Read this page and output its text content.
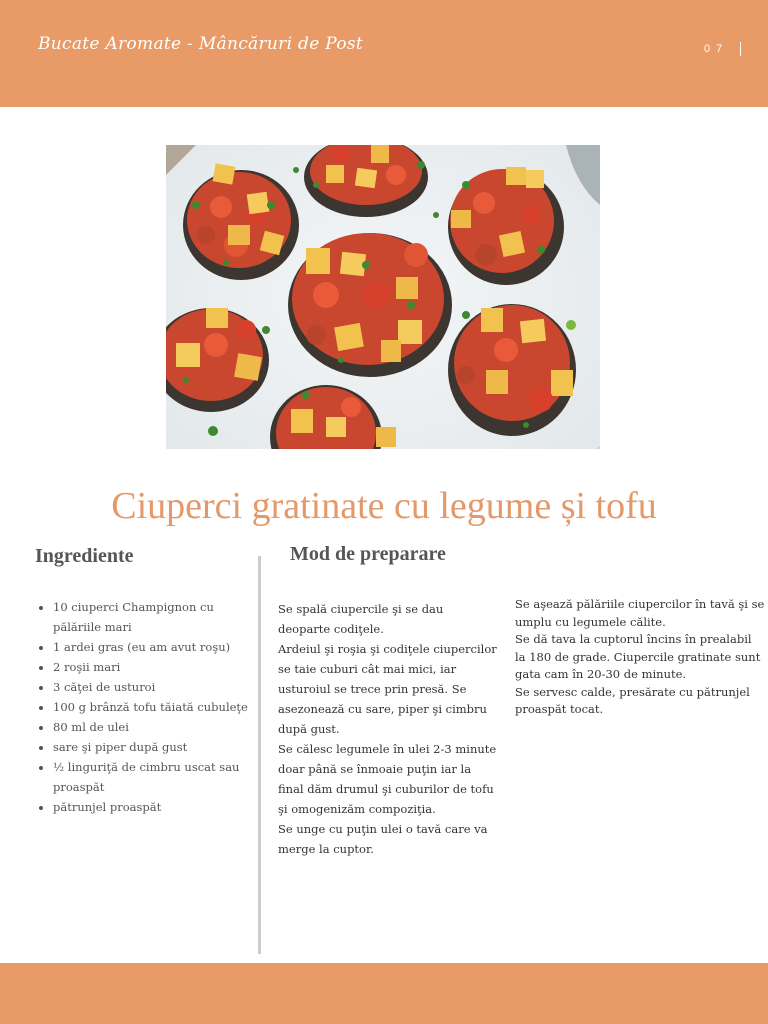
Bucate Aromate - Mâncăruri de Post	07
Ciuperci gratinate cu legume și tofu
Ingrediente	Mod de preparare
• 10 ciuperci Champignon cu pălăriile mari
• 1 ardei gras (eu am avut roşu)
• 2 roşii mari
• 3 căţei de usturoi
• 100 g brânză tofu tăiată cubuleţe
• 80 ml de ulei
• sare şi piper după gust
• ½ linguriţă de cimbru uscat sau proaspăt
• pătrunjel proaspăt

Se spală ciupercile şi se dau deoparte codiţele.

Ardeiul şi roşia şi codiţele ciupercilor se taie cuburi cât mai mici, iar usturoiul se trece prin presă. Se asezonează cu sare, piper şi cimbru după gust.

Se călesc legumele în ulei 2-3 minute doar până se înmoaie puţin iar la final dăm drumul şi cuburilor de tofu şi omogenizăm compoziţia.

Se unge cu puţin ulei o tavă care va merge la cuptor.

Se aşează pălăriile ciupercilor în tavă şi se umplu cu legumele călite.

Se dă tava la cuptorul încins în prealabil la 180 de grade. Ciupercile gratinate sunt gata cam în 20-30 de minute.

Se servesc calde, presărate cu pătrunjel proaspăt tocat.
